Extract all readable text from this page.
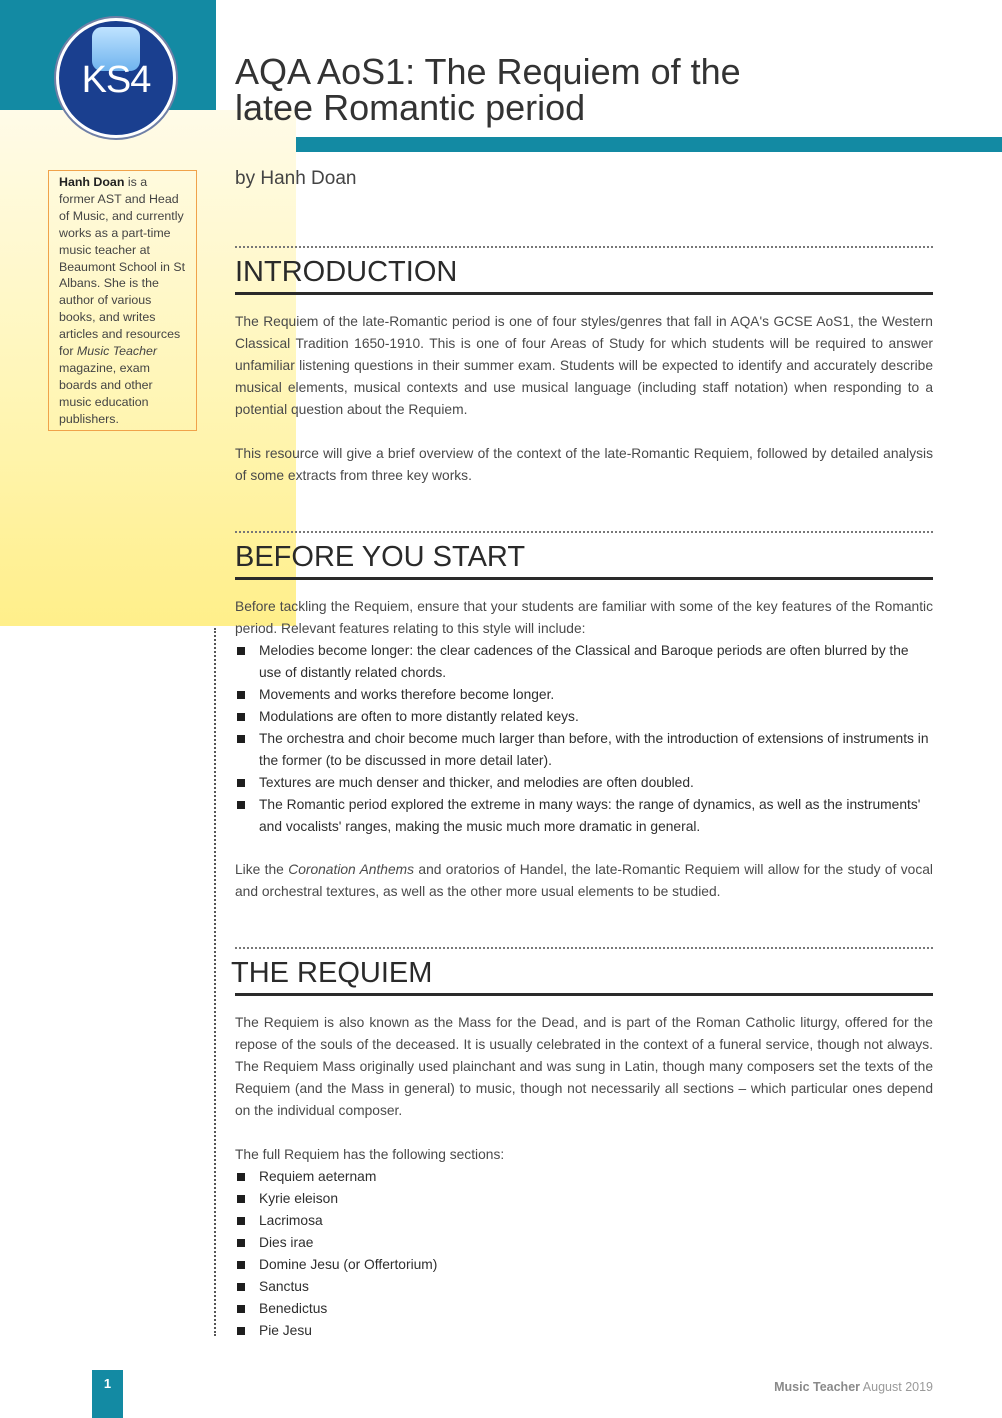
KS4	AQA AoS1: The Requiem of the
latee Romantic period
by Hanh Doan
Hanh Doan is a former AST and Head of Music, and currently works as a part-time music teacher at Beaumont School in St Albans. She is the author of various books, and writes articles and resources for Music Teacher magazine, exam boards and other music education publishers.
INTRODUCTION

The Requiem of the late-Romantic period is one of four styles/genres that fall in AQA's GCSE AoS1, the Western Classical Tradition 1650-1910. This is one of four Areas of Study for which students will be required to answer unfamiliar listening questions in their summer exam. Students will be expected to identify and accurately describe musical elements, musical contexts and use musical language (including staff notation) when responding to a potential question about the Requiem.

This resource will give a brief overview of the context of the late-Romantic Requiem, followed by detailed analysis of some extracts from three key works.

BEFORE YOU START

Before tackling the Requiem, ensure that your students are familiar with some of the key features of the Romantic period. Relevant features relating to this style will include:

Melodies become longer: the clear cadences of the Classical and Baroque periods are often blurred by the use of distantly related chords.
Movements and works therefore become longer.
Modulations are often to more distantly related keys.
The orchestra and choir become much larger than before, with the introduction of extensions of instruments in the former (to be discussed in more detail later).
Textures are much denser and thicker, and melodies are often doubled.
The Romantic period explored the extreme in many ways: the range of dynamics, as well as the instruments' and vocalists' ranges, making the music much more dramatic in general.

Like the Coronation Anthems and oratorios of Handel, the late-Romantic Requiem will allow for the study of vocal and orchestral textures, as well as the other more usual elements to be studied.

THE REQUIEM

The Requiem is also known as the Mass for the Dead, and is part of the Roman Catholic liturgy, offered for the repose of the souls of the deceased. It is usually celebrated in the context of a funeral service, though not always. The Requiem Mass originally used plainchant and was sung in Latin, though many composers set the texts of the Requiem (and the Mass in general) to music, though not necessarily all sections – which particular ones depend on the individual composer.

The full Requiem has the following sections:

Requiem aeternam
Kyrie eleison
Lacrimosa
Dies irae
Domine Jesu (or Offertorium)
Sanctus
Benedictus
Pie Jesu
1	Music Teacher August 2019
